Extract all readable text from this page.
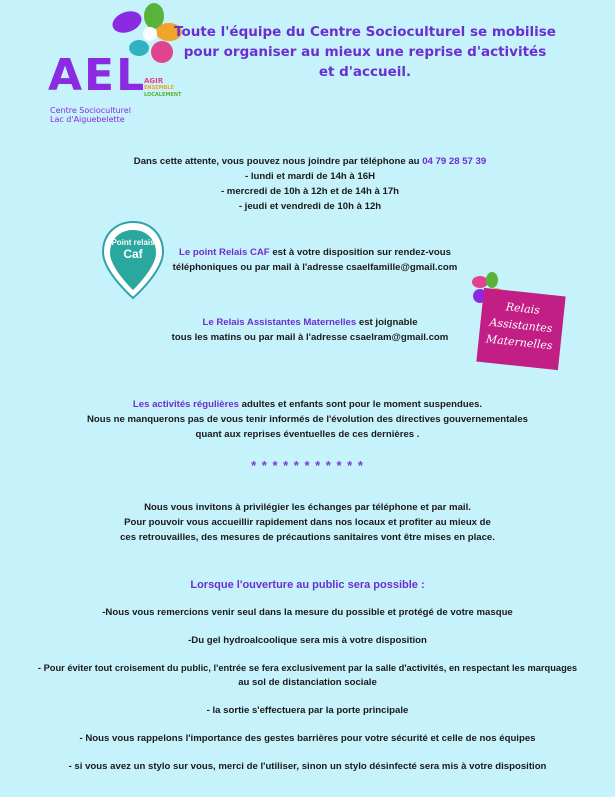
AEL
AGIR
ENSEMBLE
LOCALEMENT
Centre Socioculturel
Lac d'Aiguebelette
Toute l'équipe du Centre Socioculturel se mobilise
pour organiser au mieux une reprise d'activités
et d'accueil.
Dans cette attente, vous pouvez nous joindre par téléphone au 04 79 28 57 39
- lundi et mardi de 14h à 16H
- mercredi de 10h à 12h et de 14h à 17h
- jeudi et vendredi de 10h à 12h
Point relais
Caf	Le point Relais CAF est à votre disposition sur rendez-vous
téléphoniques ou par mail à l'adresse csaelfamille@gmail.com
Relais
Assistantes
Maternelles
Le Relais Assistantes Maternelles est joignable
tous les matins ou par mail à l'adresse csaelram@gmail.com
Les activités régulières adultes et enfants sont pour le moment suspendues.
Nous ne manquerons pas de vous tenir informés de l'évolution des directives gouvernementales
quant aux reprises éventuelles de ces dernières .
* * * * * * * * * * *
Nous vous invitons à privilégier les échanges par téléphone et par mail.
Pour pouvoir vous accueillir rapidement dans nos locaux et profiter au mieux de
ces retrouvailles, des mesures de précautions sanitaires vont être mises en place.
Lorsque l'ouverture au public sera possible :
-Nous vous remercions venir seul dans la mesure du possible et protégé de votre masque
-Du gel hydroalcoolique sera mis à votre disposition
- Pour éviter tout croisement du public, l'entrée se fera exclusivement par la salle d'activités, en respectant les marquages
au sol de distanciation sociale
- la sortie s'effectuera par la porte principale
- Nous vous rappelons l'importance des gestes barrières pour votre sécurité et celle de nos équipes
- si vous avez un stylo sur vous, merci de l'utiliser, sinon un stylo désinfecté sera mis à votre disposition
